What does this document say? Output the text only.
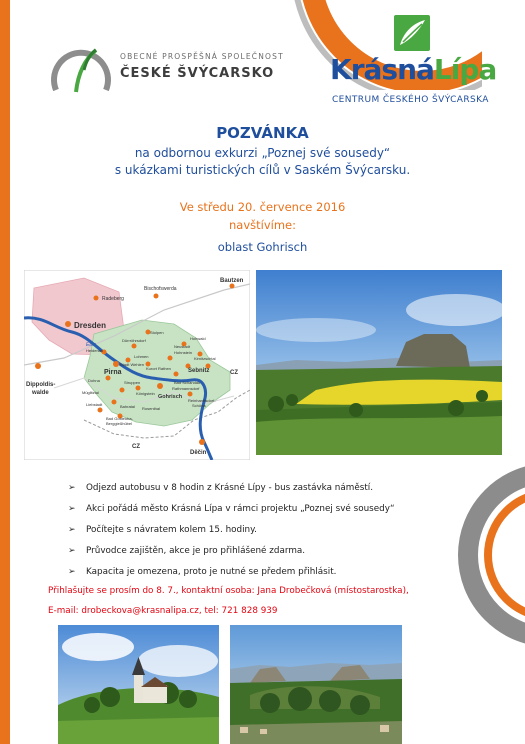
OBECNÉ PROSPĚŠNÁ SPOLEČNOST
ČESKÉ ŠVÝCARSKO KrásnáLípa
CENTRUM ČESKÉHO ŠVÝCARSKA
POZVÁNKA
na odbornou exkurzi „Poznej své sousedy“
s ukázkami turistických cílů v Saském Švýcarsku.
Ve středu 20. července 2016
navštívíme:
oblast Gohrisch
Bautzen
Radeberg
Bischofswerda
Dresden
Dippoldis-
walde
Pirna	Sebnitz
Gohrisch
CZ
CZ
Děčin
Elbe
Stolpen
Hohnstein
Neustadt
Heidenau
Dohna	Bad Schandau
Königstein
Bahratal
Stadt Wehlen
Dürrröhrsdorf
Lohmen
Hohwald
Kurort Rathen
Struppen
Rosenthal
Liebstadt
Bad Gottleuba-
Berggießhübel
Reinhardtsdorf-
Schöna
Müglitztal
Rathmannsdorf
Kirnitzschtal
➢ Odjezd autobusu v 8 hodin z Krásné Lípy - bus zastávka náměstí.
➢ Akci pořádá město Krásná Lípa v rámci projektu „Poznej své sousedy“
➢ Počítejte s návratem kolem 15. hodiny.
➢ Průvodce zajištěn, akce je pro přihlášené zdarma.
➢ Kapacita je omezena, proto je nutné se předem přihlásit.
Přihlašujte se prosím do 8. 7., kontaktní osoba: Jana Drobečková (místostarostka),
E-mail: drobeckova@krasnalipa.cz, tel: 721 828 939
